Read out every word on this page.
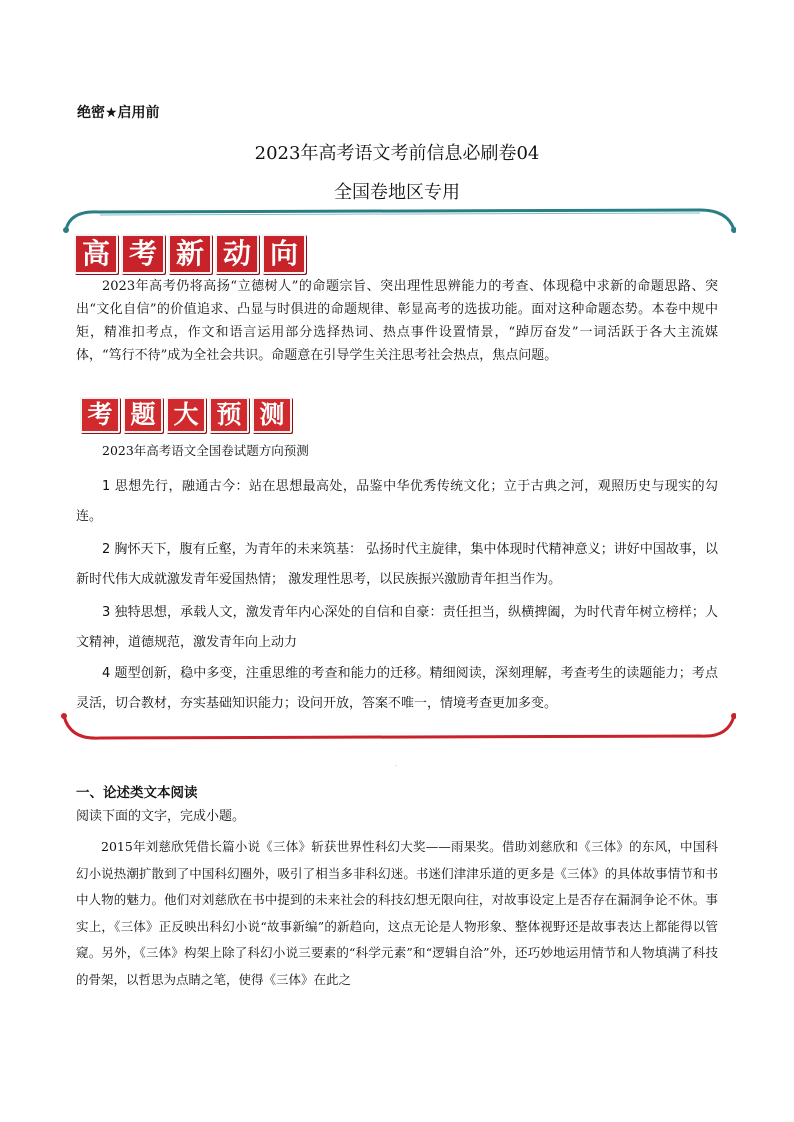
绝密★启用前
2023年高考语文考前信息必刷卷04
全国卷地区专用
高 考 新 动 向

2023年高考仍将高扬“立德树人”的命题宗旨、突出理性思辨能力的考查、体现稳中求新的命题思路、突出“文化自信”的价值追求、凸显与时俱进的命题规律、彰显高考的选拔功能。面对这种命题态势。本卷中规中矩，精准扣考点，作文和语言运用部分选择热词、热点事件设置情景，“踔厉奋发”一词活跃于各大主流媒体，“笃行不待”成为全社会共识。命题意在引导学生关注思考社会热点，焦点问题。

考 题 大 预 测
2023年高考语文全国卷试题方向预测

1 思想先行，融通古今：站在思想最高处，品鉴中华优秀传统文化；立于古典之河，观照历史与现实的勾连。

2 胸怀天下，腹有丘壑，为青年的未来筑基： 弘扬时代主旋律，集中体现时代精神意义；讲好中国故事，以新时代伟大成就激发青年爱国热情； 激发理性思考，以民族振兴激励青年担当作为。

3 独特思想，承载人文，激发青年内心深处的自信和自豪：责任担当，纵横捭阖，为时代青年树立榜样；人文精神，道德规范，激发青年向上动力

4 题型创新，稳中多变，注重思维的考查和能力的迁移。精细阅读，深刻理解，考查考生的读题能力；考点灵活，切合教材，夯实基础知识能力；设问开放，答案不唯一，情境考查更加多变。

·
一、论述类文本阅读
阅读下面的文字，完成小题。

2015年刘慈欣凭借长篇小说《三体》斩获世界性科幻大奖——雨果奖。借助刘慈欣和《三体》的东风，中国科幻小说热潮扩散到了中国科幻圈外，吸引了相当多非科幻迷。书迷们津津乐道的更多是《三体》的具体故事情节和书中人物的魅力。他们对刘慈欣在书中提到的未来社会的科技幻想无限向往，对故事设定上是否存在漏洞争论不休。事实上，《三体》正反映出科幻小说“故事新编”的新趋向，这点无论是人物形象、整体视野还是故事表达上都能得以管窥。另外，《三体》构架上除了科幻小说三要素的“科学元素”和“逻辑自洽”外，还巧妙地运用情节和人物填满了科技的骨架，以哲思为点睛之笔，使得《三体》在此之
